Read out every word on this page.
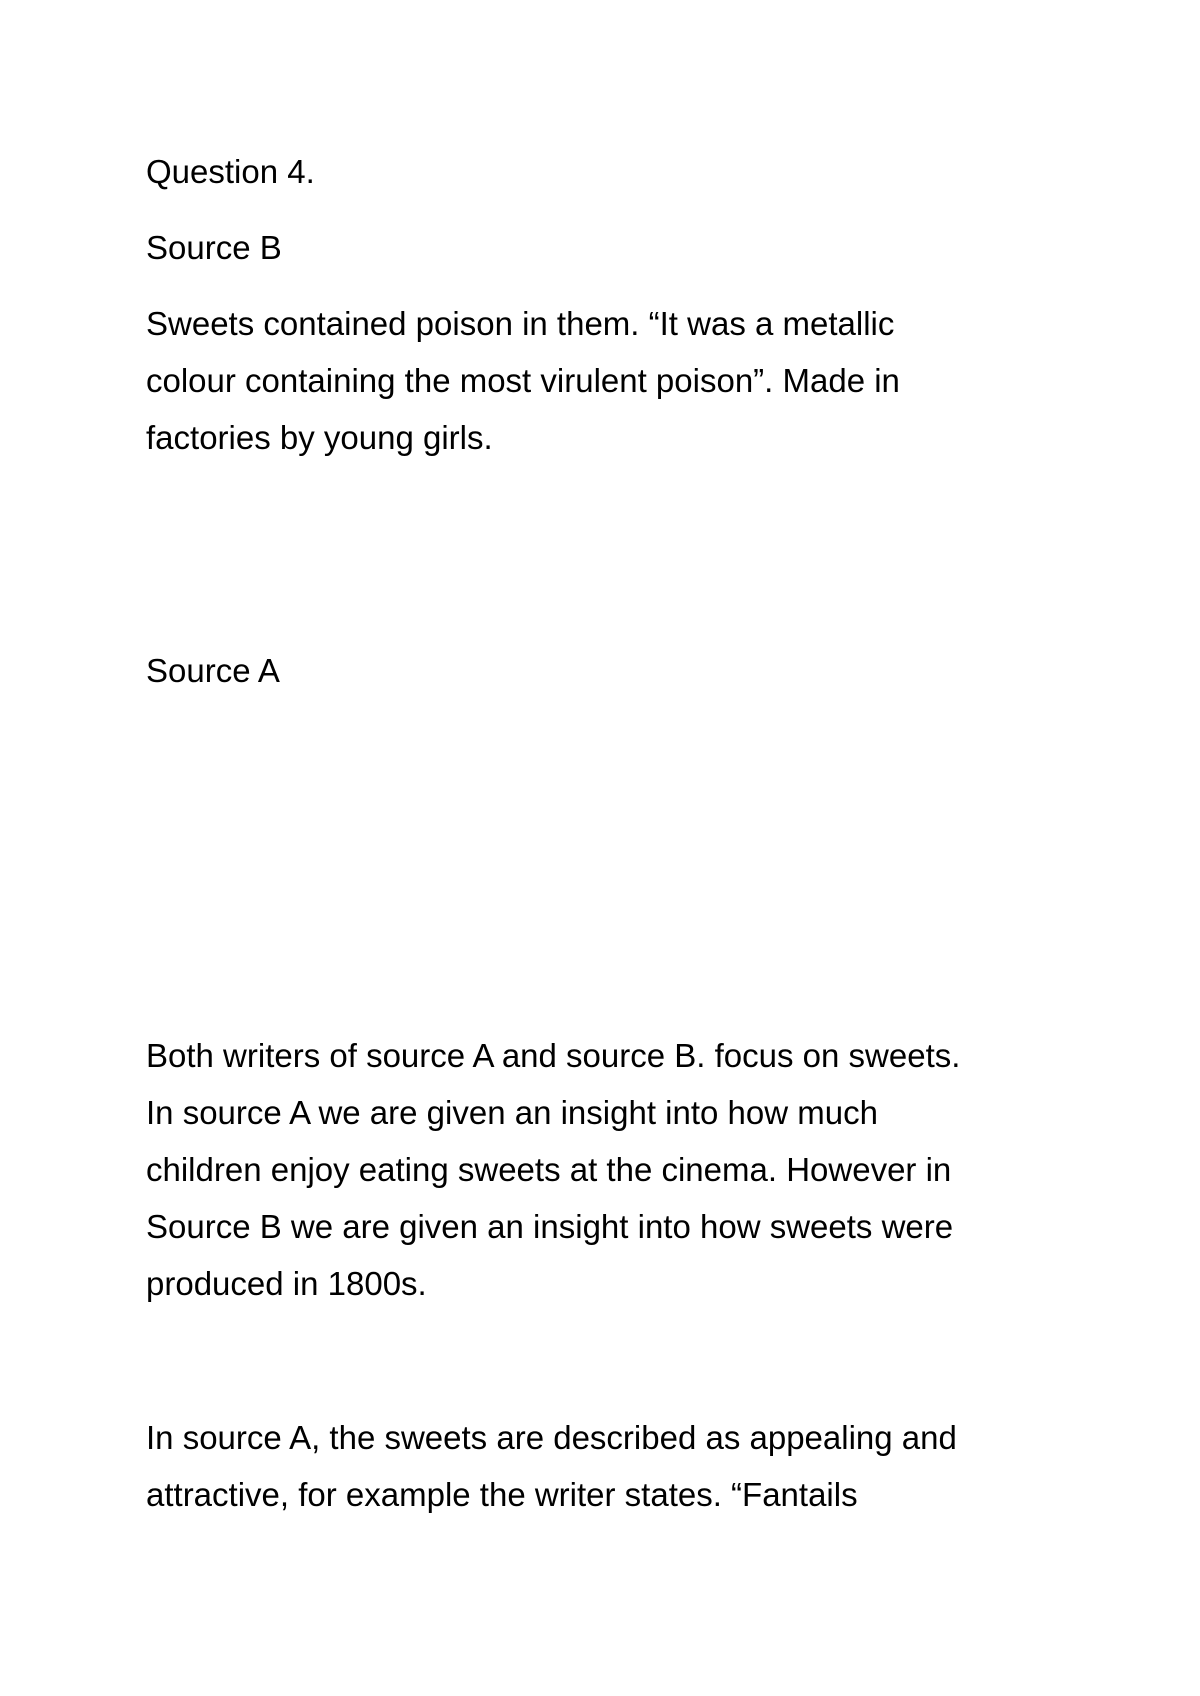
Question 4.

Source B

Sweets contained poison in them. “It was a metallic
colour containing the most virulent poison”. Made in
factories by young girls.

Source A

Both writers of source A and source B. focus on sweets.
In source A we are given an insight into how much
children enjoy eating sweets at the cinema. However in
Source B we are given an insight into how sweets were
produced in 1800s.

In source A, the sweets are described as appealing and
attractive, for example the writer states. “Fantails
